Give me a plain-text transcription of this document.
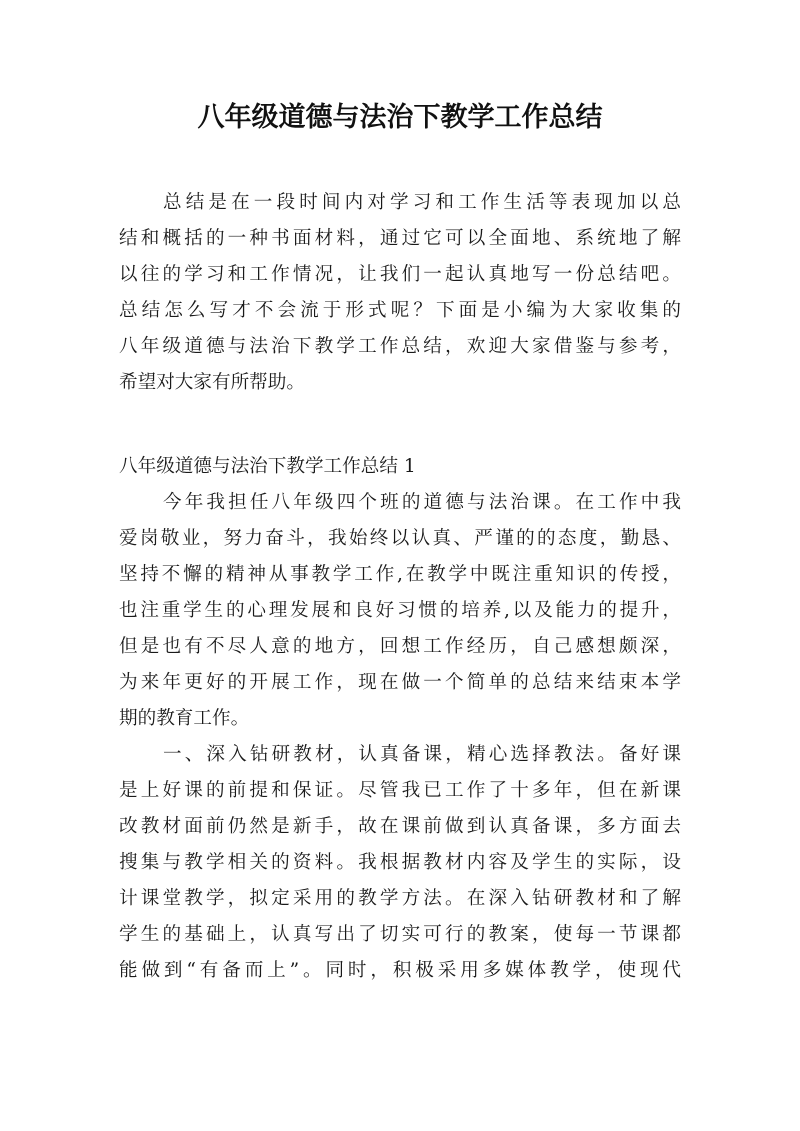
八年级道德与法治下教学工作总结
总结是在一段时间内对学习和工作生活等表现加以总
结和概括的一种书面材料，通过它可以全面地、系统地了解
以往的学习和工作情况，让我们一起认真地写一份总结吧。
总结怎么写才不会流于形式呢？下面是小编为大家收集的
八年级道德与法治下教学工作总结，欢迎大家借鉴与参考，
希望对大家有所帮助。
八年级道德与法治下教学工作总结 1
今年我担任八年级四个班的道德与法治课。在工作中我
爱岗敬业，努力奋斗，我始终以认真、严谨的的态度，勤恳、
坚持不懈的精神从事教学工作,在教学中既注重知识的传授，
也注重学生的心理发展和良好习惯的培养,以及能力的提升，
但是也有不尽人意的地方，回想工作经历，自己感想颇深，
为来年更好的开展工作，现在做一个简单的总结来结束本学
期的教育工作。
一、深入钻研教材，认真备课，精心选择教法。备好课
是上好课的前提和保证。尽管我已工作了十多年，但在新课
改教材面前仍然是新手，故在课前做到认真备课，多方面去
搜集与教学相关的资料。我根据教材内容及学生的实际，设
计课堂教学，拟定采用的教学方法。在深入钻研教材和了解
学生的基础上，认真写出了切实可行的教案，使每一节课都
能做到“有备而上”。同时，积极采用多媒体教学，使现代
